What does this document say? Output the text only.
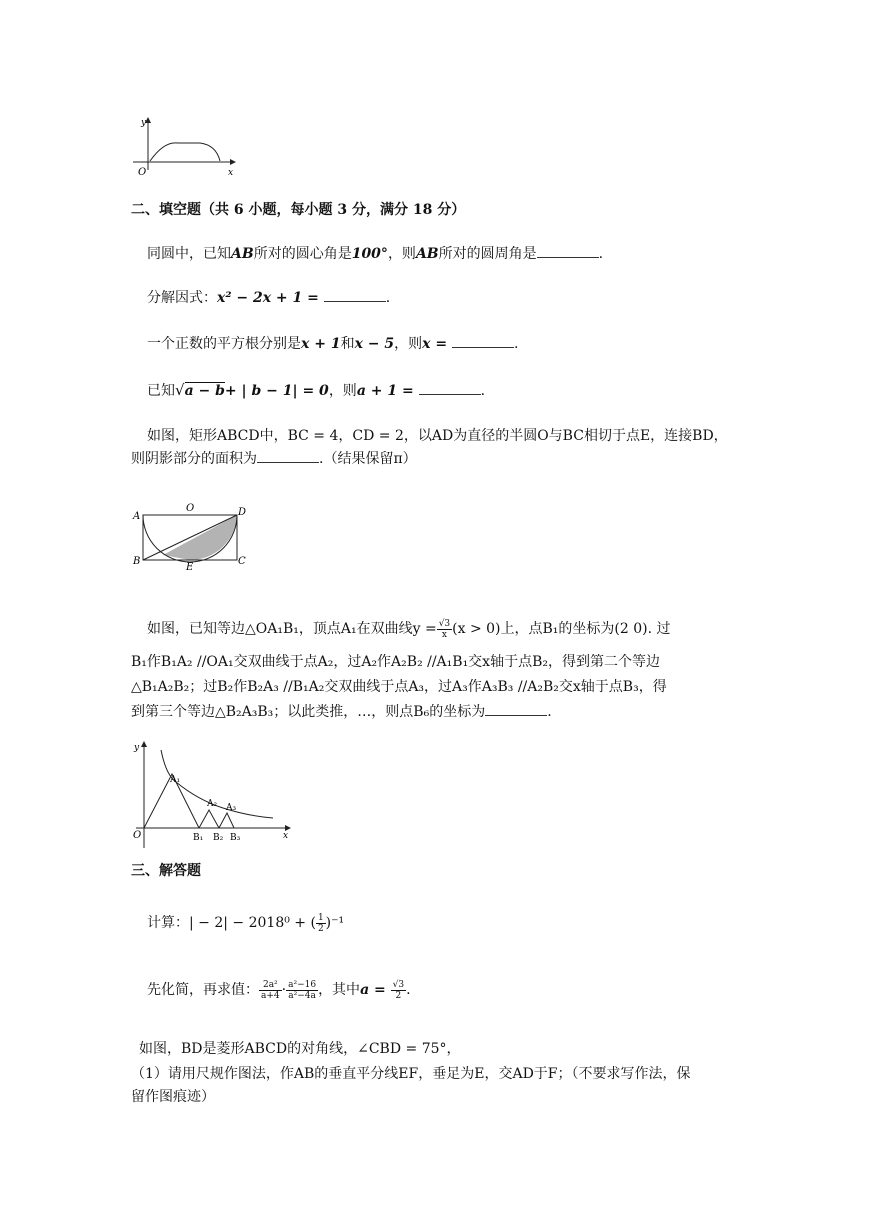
y
x
O
二、填空题（共 6 小题，每小题 3 分，满分 18 分）
同圆中，已知AB所对的圆心角是100°，则AB所对的圆周角是	.
分解因式：x² − 2x + 1 =	.
一个正数的平方根分别是x + 1和x − 5，则x =	.
已知√a − b+ | b − 1| = 0，则a + 1 =	.
如图，矩形ABCD中，BC = 4，CD = 2，以AD为直径的半圆O与BC相切于点E，连接BD，
则阴影部分的面积为	.（结果保留π）
A
O	D
B
E
C
如图，已知等边△OA₁B₁，顶点A₁在双曲线$y = \frac{√3}{x} (x > 0)$上，点B₁的坐标为(2 0). 过
B₁作B₁A₂ //OA₁交双曲线于点A₂，过A₂作A₂B₂ //A₁B₁交x轴于点B₂，得到第二个等边
△B₁A₂B₂；过B₂作B₂A₃ //B₁A₂交双曲线于点A₃，过A₃作A₃B₃ //A₂B₂交x轴于点B₃，得
到第三个等边△B₂A₃B₃；以此类推，…，则点B₆的坐标为	.
y
x
O
A₁
A₂ A₃
B₁ B₂ B₃
三、解答题
计算：| − 2| − 2018⁰ + ( $\frac{1}{2} )^{-1}$
先化简，再求值： $\frac{\text{2a²}}{a+4} \cdot \frac{\text{a²−16}}{\text{a²−4a}}$ ，其中$a = \frac{√3}{2}$ .
如图，BD是菱形ABCD的对角线，∠CBD = 75°，
（1）请用尺规作图法，作AB的垂直平分线EF，垂足为E，交AD于F；（不要求写作法，保
留作图痕迹）
